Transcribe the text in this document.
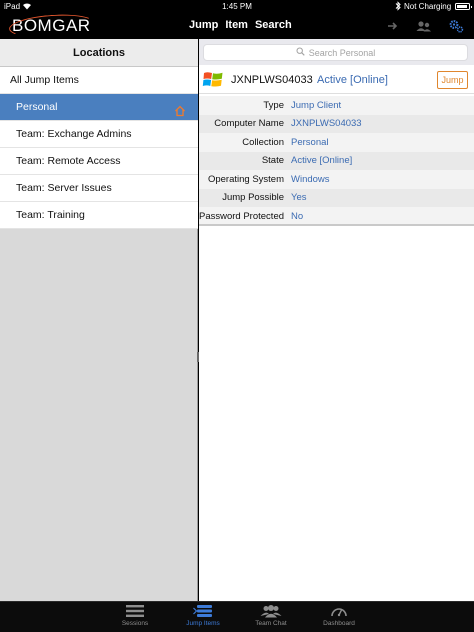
iPad	1:45 PM	Not Charging
BOMGAR	Jump Item Search
Locations
All Jump Items
Personal
Team: Exchange Admins
Team: Remote Access
Team: Server Issues
Team: Training
Search Personal
JXNPLWS04033 Active [Online]	Jump
Type Jump Client
Computer Name JXNPLWS04033
Collection Personal
State Active [Online]
Operating System Windows
Jump Possible Yes
Password Protected No
Sessions	Jump Items	Team Chat	Dashboard
